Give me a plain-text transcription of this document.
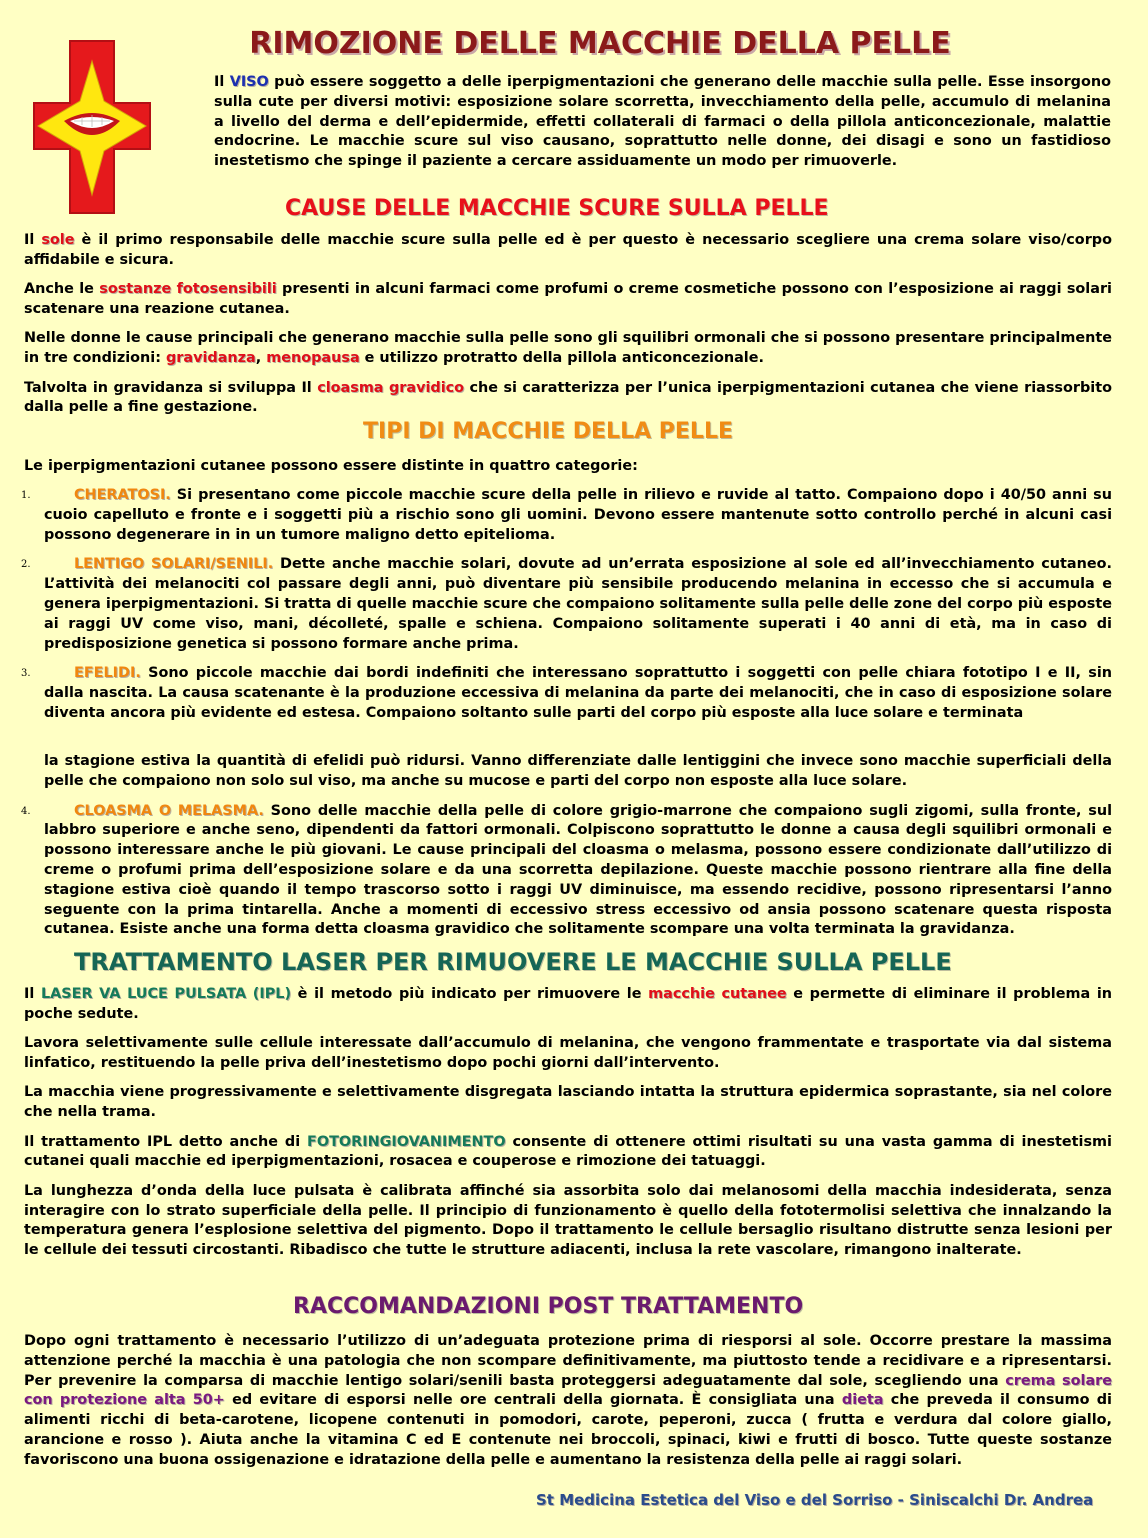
RIMOZIONE DELLE MACCHIE DELLA PELLE

Il VISO può essere soggetto a delle iperpigmentazioni che generano delle macchie sulla pelle. Esse insorgono sulla cute per diversi motivi: esposizione solare scorretta, invecchiamento della pelle, accumulo di melanina a livello del derma e dell’epidermide, effetti collaterali di farmaci o della pillola anticoncezionale, malattie endocrine. Le macchie scure sul viso causano, soprattutto nelle donne, dei disagi e sono un fastidioso inestetismo che spinge il paziente a cercare assiduamente un modo per rimuoverle.

CAUSE DELLE MACCHIE SCURE SULLA PELLE

Il sole è il primo responsabile delle macchie scure sulla pelle ed è per questo è necessario scegliere una crema solare viso/corpo affidabile e sicura.

Anche le sostanze fotosensibili presenti in alcuni farmaci come profumi o creme cosmetiche possono con l’esposizione ai raggi solari scatenare una reazione cutanea.

Nelle donne le cause principali che generano macchie sulla pelle sono gli squilibri ormonali che si possono presentare principalmente in tre condizioni: gravidanza, menopausa e utilizzo protratto della pillola anticoncezionale.

Talvolta in gravidanza si sviluppa Il cloasma gravidico che si caratterizza per l’unica iperpigmentazioni cutanea che viene riassorbito dalla pelle a fine gestazione.

TIPI DI MACCHIE DELLA PELLE

Le iperpigmentazioni cutanee possono essere distinte in quattro categorie:

1.	CHERATOSI. Si presentano come piccole macchie scure della pelle in rilievo e ruvide al tatto. Compaiono dopo i 40/50 anni su cuoio capelluto e fronte e i soggetti più a rischio sono gli uomini. Devono essere mantenute sotto controllo perché in alcuni casi possono degenerare in in un tumore maligno detto epitelioma.
2.	LENTIGO SOLARI/SENILI. Dette anche macchie solari, dovute ad un’errata esposizione al sole ed all’invecchiamento cutaneo. L’attività dei melanociti col passare degli anni, può diventare più sensibile producendo melanina in eccesso che si accumula e genera iperpigmentazioni. Si tratta di quelle macchie scure che compaiono solitamente sulla pelle delle zone del corpo più esposte ai raggi UV come viso, mani, décolleté, spalle e schiena. Compaiono solitamente superati i 40 anni di età, ma in caso di predisposizione genetica si possono formare anche prima.
3.	EFELIDI. Sono piccole macchie dai bordi indefiniti che interessano soprattutto i soggetti con pelle chiara fototipo I e II, sin dalla nascita. La causa scatenante è la produzione eccessiva di melanina da parte dei melanociti, che in caso di esposizione solare diventa ancora più evidente ed estesa. Compaiono soltanto sulle parti del corpo più esposte alla luce solare e terminata
la stagione estiva la quantità di efelidi può ridursi. Vanno differenziate dalle lentiggini che invece sono macchie superficiali della pelle che compaiono non solo sul viso, ma anche su mucose e parti del corpo non esposte alla luce solare.
4.	CLOASMA O MELASMA. Sono delle macchie della pelle di colore grigio-marrone che compaiono sugli zigomi, sulla fronte, sul labbro superiore e anche seno, dipendenti da fattori ormonali. Colpiscono soprattutto le donne a causa degli squilibri ormonali e possono interessare anche le più giovani. Le cause principali del cloasma o melasma, possono essere condizionate dall’utilizzo di creme o profumi prima dell’esposizione solare e da una scorretta depilazione. Queste macchie possono rientrare alla fine della stagione estiva cioè quando il tempo trascorso sotto i raggi UV diminuisce, ma essendo recidive, possono ripresentarsi l’anno seguente con la prima tintarella. Anche a momenti di eccessivo stress eccessivo od ansia possono scatenare questa risposta cutanea. Esiste anche una forma detta cloasma gravidico che solitamente scompare una volta terminata la gravidanza.
TRATTAMENTO LASER PER RIMUOVERE LE MACCHIE SULLA PELLE

Il LASER VA LUCE PULSATA (IPL) è il metodo più indicato per rimuovere le macchie cutanee e permette di eliminare il problema in poche sedute.

Lavora selettivamente sulle cellule interessate dall’accumulo di melanina, che vengono frammentate e trasportate via dal sistema linfatico, restituendo la pelle priva dell’inestetismo dopo pochi giorni dall’intervento.

La macchia viene progressivamente e selettivamente disgregata lasciando intatta la struttura epidermica soprastante, sia nel colore che nella trama.

Il trattamento IPL detto anche di FOTORINGIOVANIMENTO consente di ottenere ottimi risultati su una vasta gamma di inestetismi cutanei quali macchie ed iperpigmentazioni, rosacea e couperose e rimozione dei tatuaggi.

La lunghezza d’onda della luce pulsata è calibrata affinché sia assorbita solo dai melanosomi della macchia indesiderata, senza interagire con lo strato superficiale della pelle. Il principio di funzionamento è quello della fototermolisi selettiva che innalzando la temperatura genera l’esplosione selettiva del pigmento. Dopo il trattamento le cellule bersaglio risultano distrutte senza lesioni per le cellule dei tessuti circostanti. Ribadisco che tutte le strutture adiacenti, inclusa la rete vascolare, rimangono inalterate.

RACCOMANDAZIONI POST TRATTAMENTO

Dopo ogni trattamento è necessario l’utilizzo di un’adeguata protezione prima di riesporsi al sole. Occorre prestare la massima attenzione perché la macchia è una patologia che non scompare definitivamente, ma piuttosto tende a recidivare e a ripresentarsi. Per prevenire la comparsa di macchie lentigo solari/senili basta proteggersi adeguatamente dal sole, scegliendo una crema solare con protezione alta 50+ ed evitare di esporsi nelle ore centrali della giornata. È consigliata una dieta che preveda il consumo di alimenti ricchi di beta-carotene, licopene contenuti in pomodori, carote, peperoni, zucca ( frutta e verdura dal colore giallo, arancione e rosso ). Aiuta anche la vitamina C ed E contenute nei broccoli, spinaci, kiwi e frutti di bosco. Tutte queste sostanze favoriscono una buona ossigenazione e idratazione della pelle e aumentano la resistenza della pelle ai raggi solari.

St Medicina Estetica del Viso e del Sorriso - Siniscalchi Dr. Andrea
